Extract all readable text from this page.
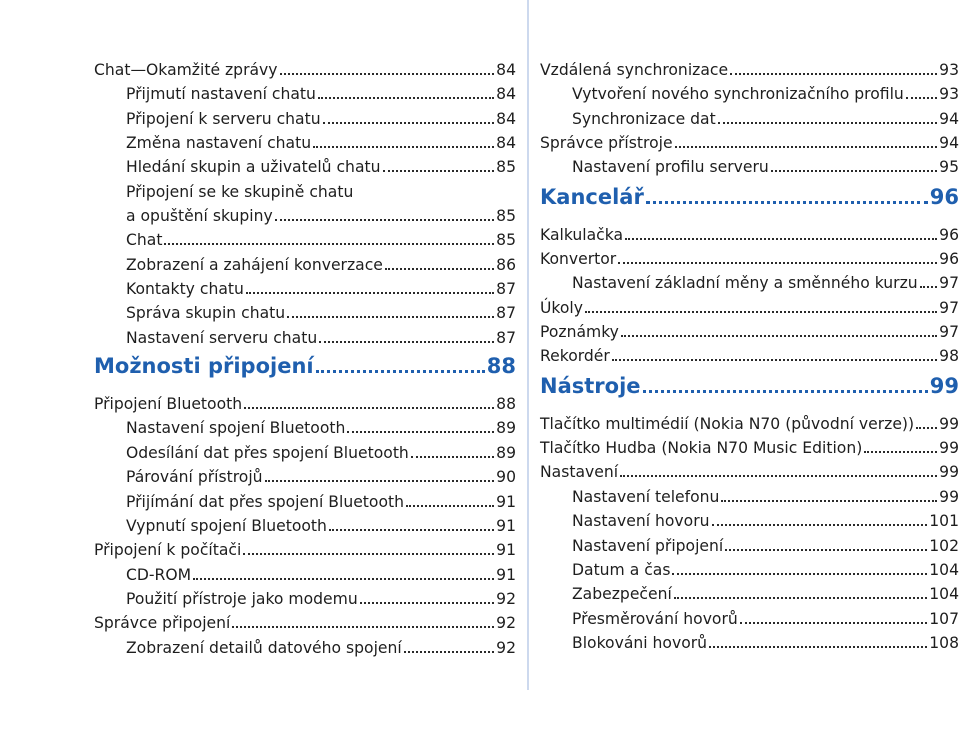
Chat—Okamžité zprávy	84
Přijmutí nastavení chatu	84
Připojení k serveru chatu	84
Změna nastavení chatu	84
Hledání skupin a uživatelů chatu	85
Připojení se ke skupině chatu
a opuštění skupiny	85
Chat	85
Zobrazení a zahájení konverzace	86
Kontakty chatu	87
Správa skupin chatu	87
Nastavení serveru chatu	87
Možnosti připojení	88
Připojení Bluetooth	88
Nastavení spojení Bluetooth	89
Odesílání dat přes spojení Bluetooth	89
Párování přístrojů	90
Přijímání dat přes spojení Bluetooth	91
Vypnutí spojení Bluetooth	91
Připojení k počítači	91
CD-ROM	91
Použití přístroje jako modemu	92
Správce připojení	92
Zobrazení detailů datového spojení	92
Vzdálená synchronizace	93
Vytvoření nového synchronizačního profilu 93
Synchronizace dat	94
Správce přístroje	94
Nastavení profilu serveru	95
Kancelář	96
Kalkulačka	96
Konvertor	96
Nastavení základní měny a směnného kurzu 97
Úkoly	97
Poznámky	97
Rekordér	98
Nástroje	99
Tlačítko multimédií (Nokia N70 (původní verze)) 99
Tlačítko Hudba (Nokia N70 Music Edition)	99
Nastavení	99
Nastavení telefonu	99
Nastavení hovoru	101
Nastavení připojení	102
Datum a čas	104
Zabezpečení	104
Přesměrování hovorů	107
Blokováni hovorů	108
